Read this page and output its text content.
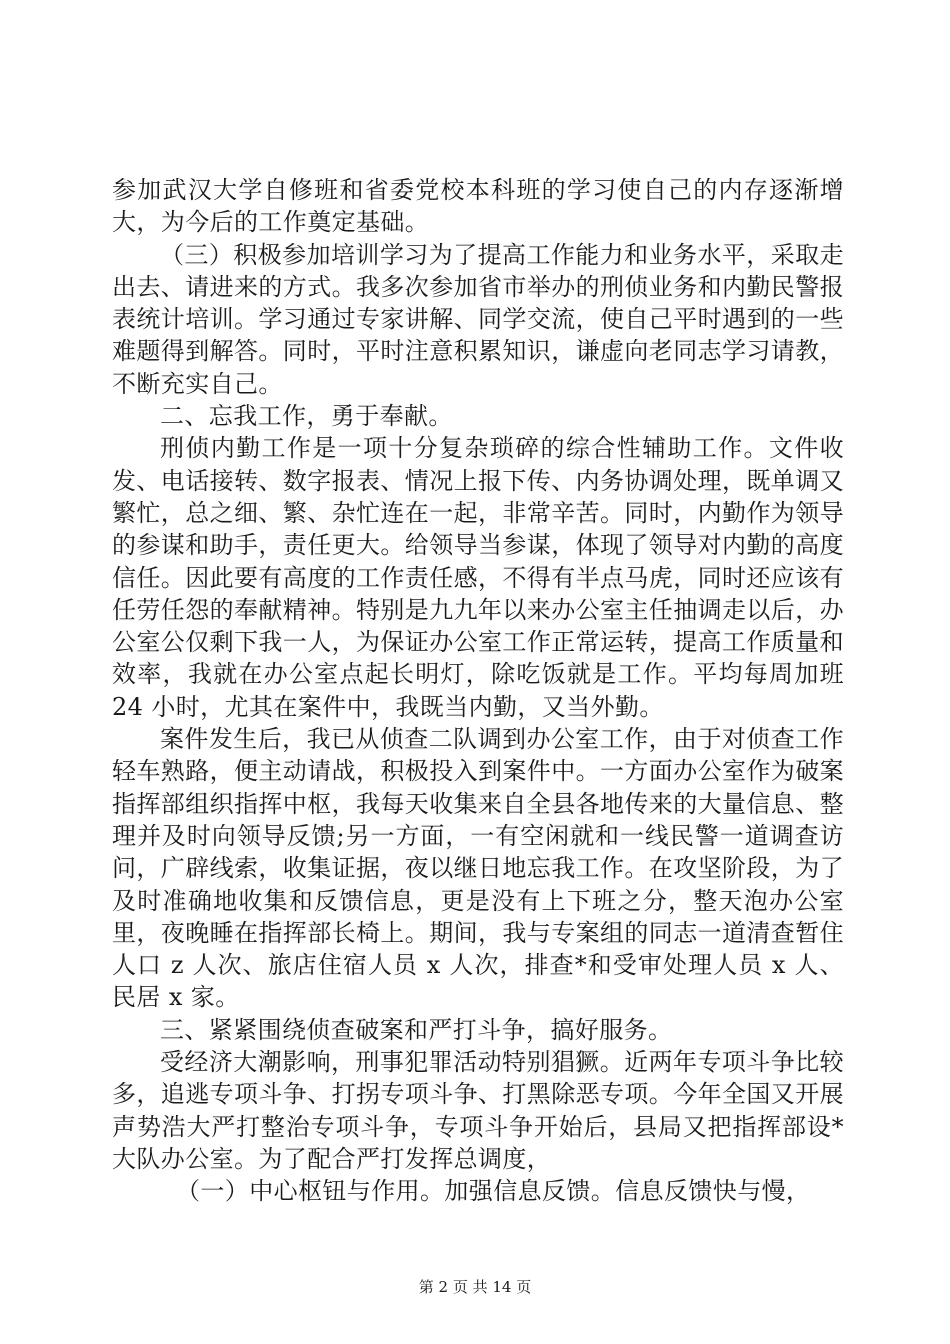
参加武汉大学自修班和省委党校本科班的学习使自己的内存逐渐增大，为今后的工作奠定基础。

（三）积极参加培训学习为了提高工作能力和业务水平，采取走出去、请进来的方式。我多次参加省市举办的刑侦业务和内勤民警报表统计培训。学习通过专家讲解、同学交流，使自己平时遇到的一些难题得到解答。同时，平时注意积累知识，谦虚向老同志学习请教，不断充实自己。

二、忘我工作，勇于奉献。

刑侦内勤工作是一项十分复杂琐碎的综合性辅助工作。文件收发、电话接转、数字报表、情况上报下传、内务协调处理，既单调又繁忙，总之细、繁、杂忙连在一起，非常辛苦。同时，内勤作为领导的参谋和助手，责任更大。给领导当参谋，体现了领导对内勤的高度信任。因此要有高度的工作责任感，不得有半点马虎，同时还应该有任劳任怨的奉献精神。特别是九九年以来办公室主任抽调走以后，办公室公仅剩下我一人，为保证办公室工作正常运转，提高工作质量和效率，我就在办公室点起长明灯，除吃饭就是工作。平均每周加班 24 小时，尤其在案件中，我既当内勤，又当外勤。

案件发生后，我已从侦查二队调到办公室工作，由于对侦查工作轻车熟路，便主动请战，积极投入到案件中。一方面办公室作为破案指挥部组织指挥中枢，我每天收集来自全县各地传来的大量信息、整理并及时向领导反馈;另一方面，一有空闲就和一线民警一道调查访问，广辟线索，收集证据，夜以继日地忘我工作。在攻坚阶段，为了及时准确地收集和反馈信息，更是没有上下班之分，整天泡办公室里，夜晚睡在指挥部长椅上。期间，我与专案组的同志一道清查暂住人口 z 人次、旅店住宿人员 x 人次，排查*和受审处理人员 x 人、民居 x 家。

三、紧紧围绕侦查破案和严打斗争，搞好服务。

受经济大潮影响，刑事犯罪活动特别猖獗。近两年专项斗争比较多，追逃专项斗争、打拐专项斗争、打黑除恶专项。今年全国又开展声势浩大严打整治专项斗争，专项斗争开始后，县局又把指挥部设*大队办公室。为了配合严打发挥总调度，

（一）中心枢钮与作用。加强信息反馈。信息反馈快与慢，

第 2 页 共 14 页
